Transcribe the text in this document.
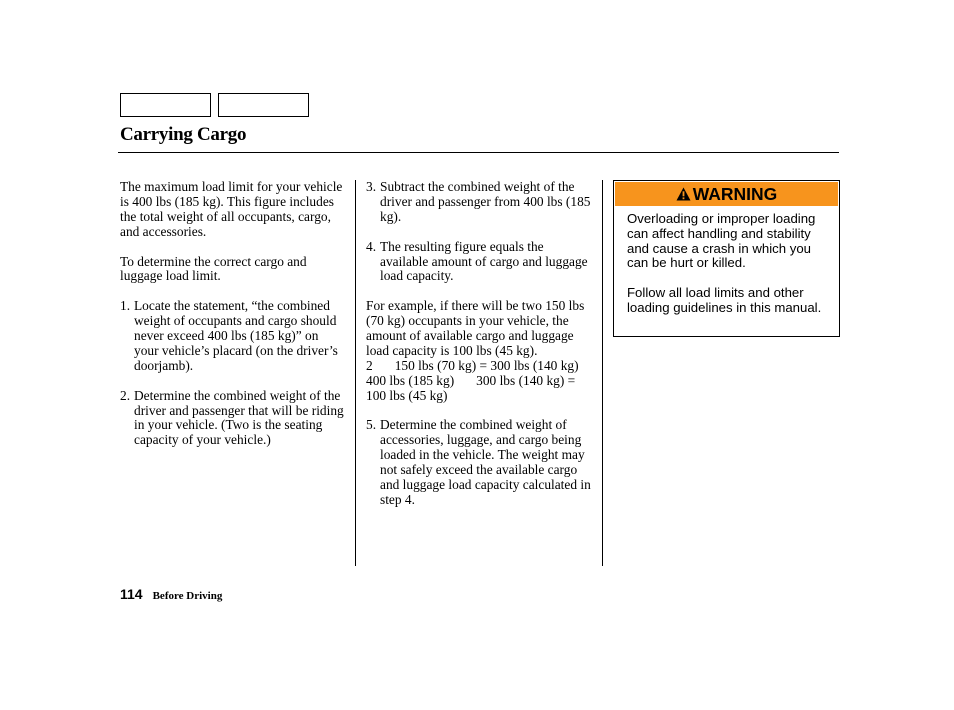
Carrying Cargo

The maximum load limit for your vehicle is 400 lbs (185 kg). This figure includes the total weight of all occupants, cargo, and accessories.

To determine the correct cargo and luggage load limit.

1. Locate the statement, “the combined weight of occupants and cargo should never exceed 400 lbs (185 kg)” on your vehicle’s placard (on the driver’s doorjamb).

2. Determine the combined weight of the driver and passenger that will be riding in your vehicle. (Two is the seating capacity of your vehicle.)

3. Subtract the combined weight of the driver and passenger from 400 lbs (185 kg).

4. The resulting figure equals the available amount of cargo and luggage load capacity.

For example, if there will be two 150 lbs (70 kg) occupants in your vehicle, the amount of available cargo and luggage load capacity is 100 lbs (45 kg).
2 150 lbs (70 kg) = 300 lbs (140 kg)

400 lbs (185 kg) 300 lbs (140 kg) = 100 lbs (45 kg)

5. Determine the combined weight of accessories, luggage, and cargo being loaded in the vehicle. The weight may not safely exceed the available cargo and luggage load capacity calculated in step 4.

WARNING

Overloading or improper loading can affect handling and stability and cause a crash in which you can be hurt or killed.

Follow all load limits and other loading guidelines in this manual.

114 Before Driving
